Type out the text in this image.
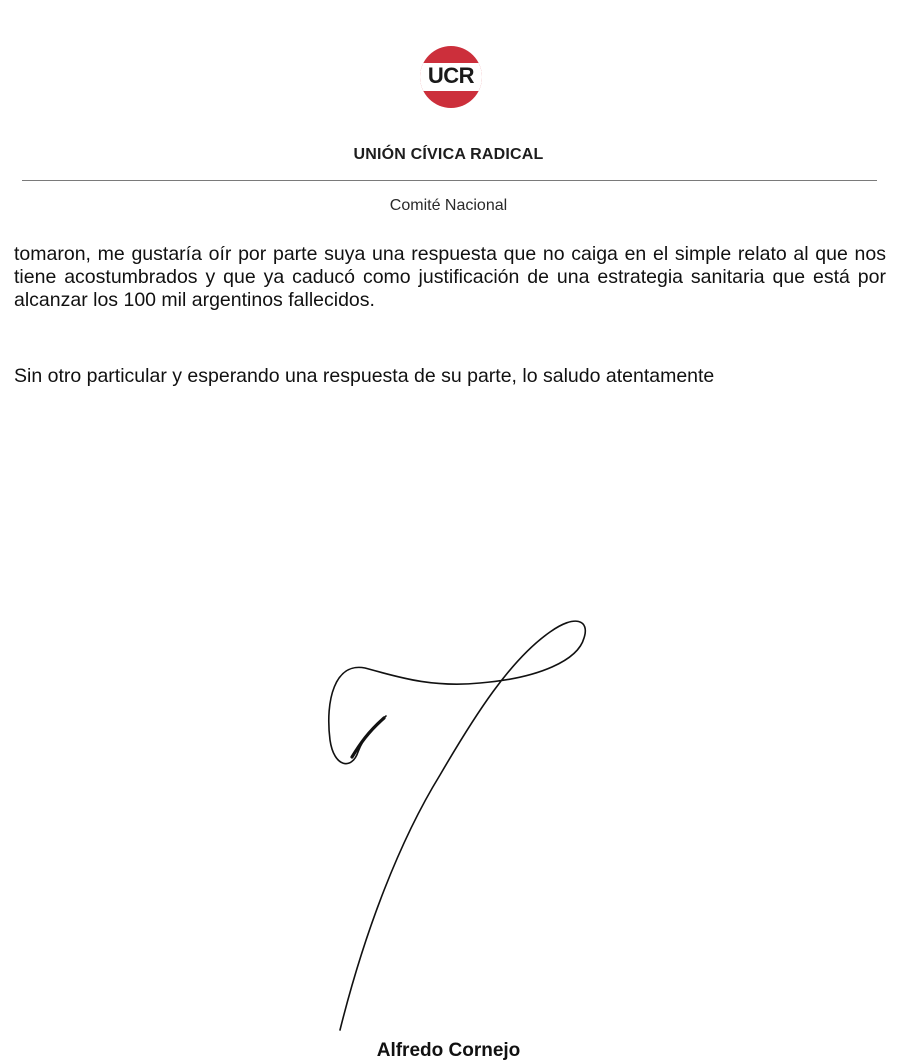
UCR
UNIÓN CÍVICA RADICAL
Comité Nacional

tomaron, me gustaría oír por parte suya una respuesta que no caiga en el simple relato al que nos tiene acostumbrados y que ya caducó como justificación de una estrategia sanitaria que está por alcanzar los 100 mil argentinos fallecidos.

Sin otro particular y esperando una respuesta de su parte, lo saludo atentamente

Alfredo Cornejo
